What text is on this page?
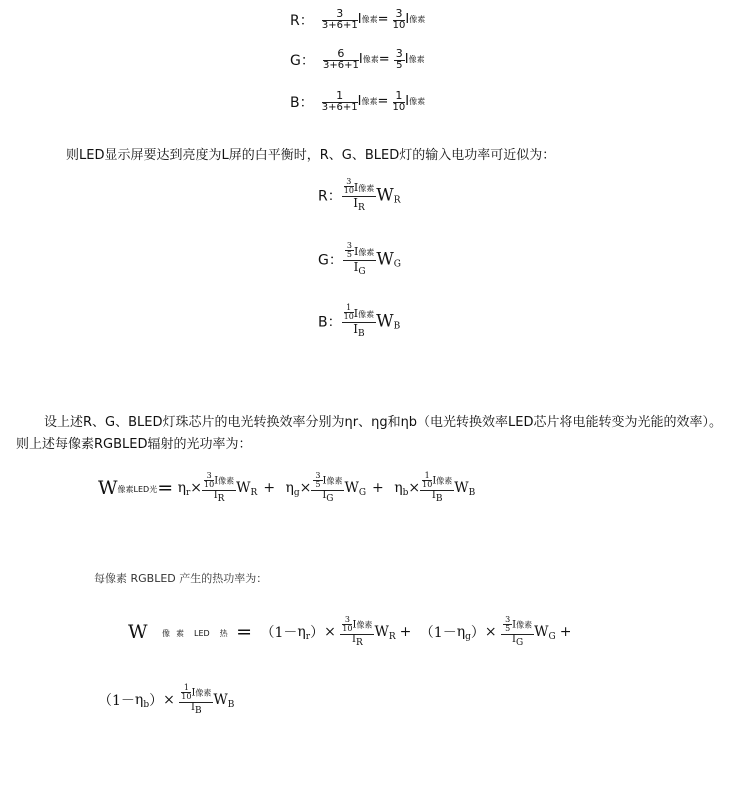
R： $\frac{3}{3+6+1}$ I像素= $\frac{3}{10}$ I像素
G： $\frac{6}{3+6+1}$ I像素= $\frac{3}{5}$ I像素
B： $\frac{1}{3+6+1}$ I像素= $\frac{1}{10}$ I像素
则LED显示屏要达到亮度为L屏的白平衡时，R、G、BLED灯的输入电功率可近似为：
R：
$\frac{3}{10}$ I像素
$I_R$
$W_R$
G：
$\frac{3}{5}$ I像素
$I_G$
$W_G$
B：
$\frac{1}{10}$ I像素
$I_B$
$W_B$
设上述R、G、BLED灯珠芯片的电光转换效率分别为ηr、ηg和ηb（电光转换效率LED芯片将电能转变为光能的效率）。则上述每像素RGBLED辐射的光功率为：
W像素LED光= $\eta_r\times \frac{3}{10}$ I像素
IR
$W_R + \eta_g\times \frac{3}{5}$ I像素
IG
$W_G + \eta_b\times \frac{1}{10}$ I像素
IB
$W_B$
每像素 RGBLED 产生的热功率为：
W 像 素 LED 热 = $(1-\eta_r)\times \frac{3}{10}$ I像素
IR
$W_R + (1-\eta_g)\times \frac{3}{5}$ I像素
IG
$W_G$ +
$(1-\eta_b)\times \frac{1}{10}$ I像素
IB
$W_B$
